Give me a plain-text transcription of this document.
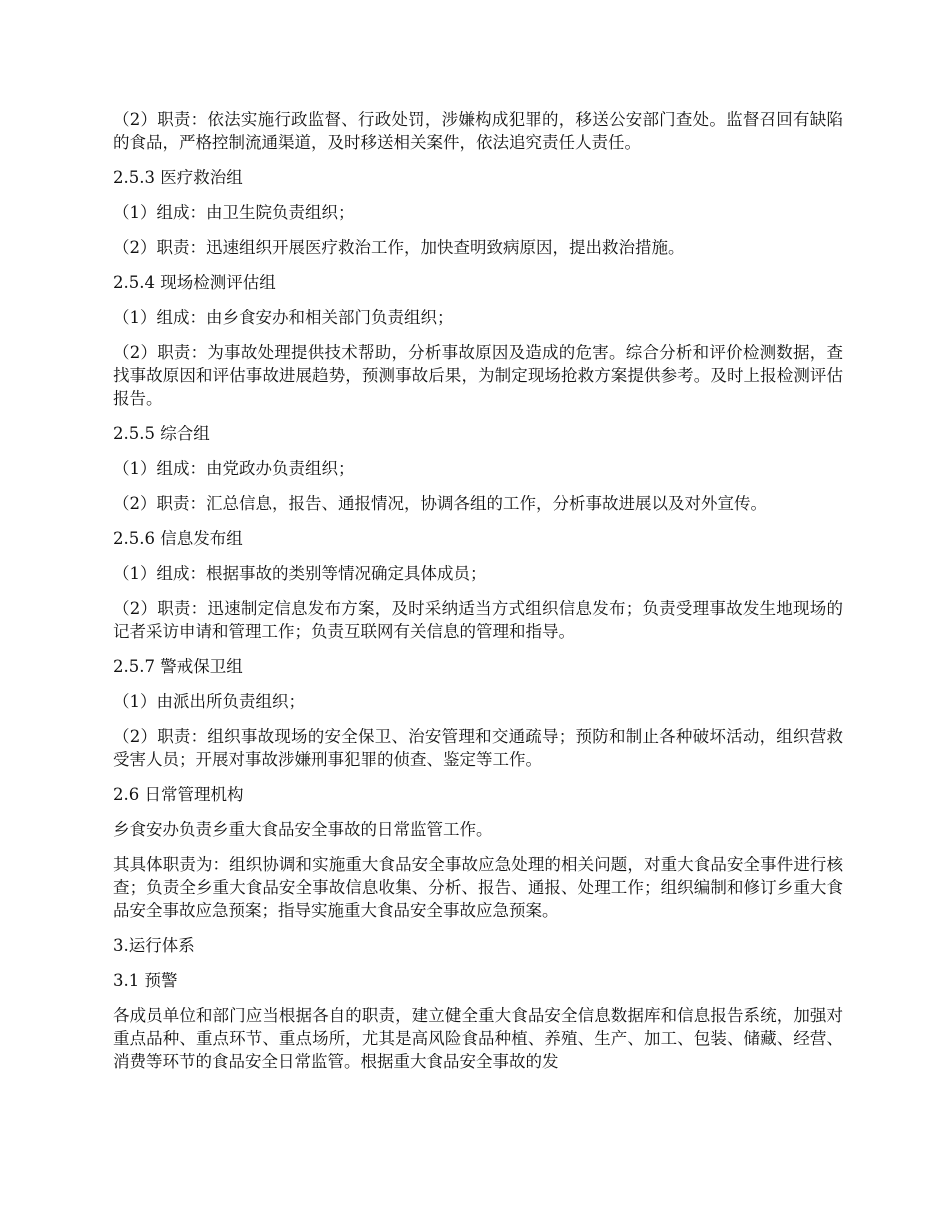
（2）职责：依法实施行政监督、行政处罚，涉嫌构成犯罪的，移送公安部门查处。监督召回有缺陷的食品，严格控制流通渠道，及时移送相关案件，依法追究责任人责任。

2.5.3 医疗救治组

（1）组成：由卫生院负责组织；

（2）职责：迅速组织开展医疗救治工作，加快查明致病原因，提出救治措施。

2.5.4 现场检测评估组

（1）组成：由乡食安办和相关部门负责组织；

（2）职责：为事故处理提供技术帮助，分析事故原因及造成的危害。综合分析和评价检测数据，查找事故原因和评估事故进展趋势，预测事故后果，为制定现场抢救方案提供参考。及时上报检测评估报告。

2.5.5 综合组

（1）组成：由党政办负责组织；

（2）职责：汇总信息，报告、通报情况，协调各组的工作，分析事故进展以及对外宣传。

2.5.6 信息发布组

（1）组成：根据事故的类别等情况确定具体成员；

（2）职责：迅速制定信息发布方案，及时采纳适当方式组织信息发布；负责受理事故发生地现场的记者采访申请和管理工作；负责互联网有关信息的管理和指导。

2.5.7 警戒保卫组

（1）由派出所负责组织；

（2）职责：组织事故现场的安全保卫、治安管理和交通疏导；预防和制止各种破坏活动，组织营救受害人员；开展对事故涉嫌刑事犯罪的侦查、鉴定等工作。

2.6 日常管理机构

乡食安办负责乡重大食品安全事故的日常监管工作。

其具体职责为：组织协调和实施重大食品安全事故应急处理的相关问题，对重大食品安全事件进行核查；负责全乡重大食品安全事故信息收集、分析、报告、通报、处理工作；组织编制和修订乡重大食品安全事故应急预案；指导实施重大食品安全事故应急预案。

3.运行体系

3.1 预警

各成员单位和部门应当根据各自的职责，建立健全重大食品安全信息数据库和信息报告系统，加强对重点品种、重点环节、重点场所，尤其是高风险食品种植、养殖、生产、加工、包装、储藏、经营、消费等环节的食品安全日常监管。根据重大食品安全事故的发
